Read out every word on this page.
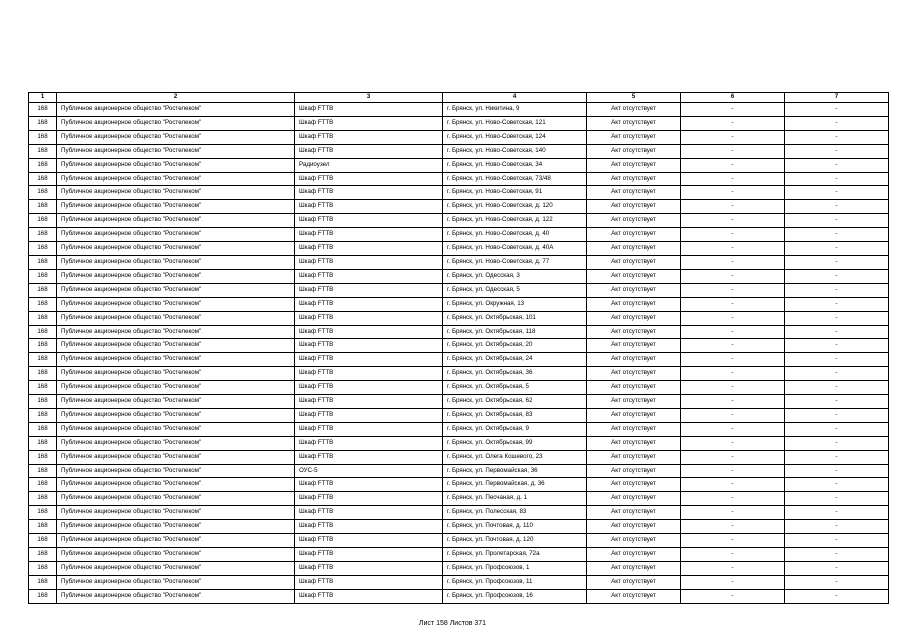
1	2	3	4	5	6	7
168	Публичное акционерное общество "Ростелеком"	Шкаф FTTB	г. Брянск, ул. Никитина, 9	Акт отсутствует	-	-
168	Публичное акционерное общество "Ростелеком"	Шкаф FTTB	г. Брянск, ул. Ново-Советская, 121	Акт отсутствует	-	-
168	Публичное акционерное общество "Ростелеком"	Шкаф FTTB	г. Брянск, ул. Ново-Советская, 124	Акт отсутствует	-	-
168	Публичное акционерное общество "Ростелеком"	Шкаф FTTB	г. Брянск, ул. Ново-Советская, 140	Акт отсутствует	-	-
168	Публичное акционерное общество "Ростелеком"	Радиоузел	г. Брянск, ул. Ново-Советская, 34	Акт отсутствует	-	-
168	Публичное акционерное общество "Ростелеком"	Шкаф FTTB	г. Брянск, ул. Ново-Советская, 73/48	Акт отсутствует	-	-
168	Публичное акционерное общество "Ростелеком"	Шкаф FTTB	г. Брянск, ул. Ново-Советская, 91	Акт отсутствует	-	-
168	Публичное акционерное общество "Ростелеком"	Шкаф FTTB	г. Брянск, ул. Ново-Советская, д. 120	Акт отсутствует	-	-
168	Публичное акционерное общество "Ростелеком"	Шкаф FTTB	г. Брянск, ул. Ново-Советская, д. 122	Акт отсутствует	-	-
168	Публичное акционерное общество "Ростелеком"	Шкаф FTTB	г. Брянск, ул. Ново-Советская, д. 40	Акт отсутствует	-	-
168	Публичное акционерное общество "Ростелеком"	Шкаф FTTB	г. Брянск, ул. Ново-Советская, д. 40А	Акт отсутствует	-	-
168	Публичное акционерное общество "Ростелеком"	Шкаф FTTB	г. Брянск, ул. Ново-Советская, д. 77	Акт отсутствует	-	-
168	Публичное акционерное общество "Ростелеком"	Шкаф FTTB	г. Брянск, ул. Одесская, 3	Акт отсутствует	-	-
168	Публичное акционерное общество "Ростелеком"	Шкаф FTTB	г. Брянск, ул. Одесская, 5	Акт отсутствует	-	-
168	Публичное акционерное общество "Ростелеком"	Шкаф FTTB	г. Брянск, ул. Окружная, 13	Акт отсутствует	-	-
168	Публичное акционерное общество "Ростелеком"	Шкаф FTTB	г. Брянск, ул. Октябрьская, 101	Акт отсутствует	-	-
168	Публичное акционерное общество "Ростелеком"	Шкаф FTTB	г. Брянск, ул. Октябрьская, 118	Акт отсутствует	-	-
168	Публичное акционерное общество "Ростелеком"	Шкаф FTTB	г. Брянск, ул. Октябрьская, 20	Акт отсутствует	-	-
168	Публичное акционерное общество "Ростелеком"	Шкаф FTTB	г. Брянск, ул. Октябрьская, 24	Акт отсутствует	-	-
168	Публичное акционерное общество "Ростелеком"	Шкаф FTTB	г. Брянск, ул. Октябрьская, 36	Акт отсутствует	-	-
168	Публичное акционерное общество "Ростелеком"	Шкаф FTTB	г. Брянск, ул. Октябрьская, 5	Акт отсутствует	-	-
168	Публичное акционерное общество "Ростелеком"	Шкаф FTTB	г. Брянск, ул. Октябрьская, 62	Акт отсутствует	-	-
168	Публичное акционерное общество "Ростелеком"	Шкаф FTTB	г. Брянск, ул. Октябрьская, 83	Акт отсутствует	-	-
168	Публичное акционерное общество "Ростелеком"	Шкаф FTTB	г. Брянск, ул. Октябрьская, 9	Акт отсутствует	-	-
168	Публичное акционерное общество "Ростелеком"	Шкаф FTTB	г. Брянск, ул. Октябрьская, 99	Акт отсутствует	-	-
168	Публичное акционерное общество "Ростелеком"	Шкаф FTTB	г. Брянск, ул. Олега Кошевого, 23	Акт отсутствует	-	-
168	Публичное акционерное общество "Ростелеком"	ОУС-5	г. Брянск, ул. Первомайская, 36	Акт отсутствует	-	-
168	Публичное акционерное общество "Ростелеком"	Шкаф FTTB	г. Брянск, ул. Первомайская, д. 36	Акт отсутствует	-	-
168	Публичное акционерное общество "Ростелеком"	Шкаф FTTB	г. Брянск, ул. Песчаная, д. 1	Акт отсутствует	-	-
168	Публичное акционерное общество "Ростелеком"	Шкаф FTTB	г. Брянск, ул. Полесская, 83	Акт отсутствует	-	-
168	Публичное акционерное общество "Ростелеком"	Шкаф FTTB	г. Брянск, ул. Почтовая, д. 110	Акт отсутствует	-	-
168	Публичное акционерное общество "Ростелеком"	Шкаф FTTB	г. Брянск, ул. Почтовая, д. 120	Акт отсутствует	-	-
168	Публичное акционерное общество "Ростелеком"	Шкаф FTTB	г. Брянск, ул. Пролетарская, 72а	Акт отсутствует	-	-
168	Публичное акционерное общество "Ростелеком"	Шкаф FTTB	г. Брянск, ул. Профсоюзов, 1	Акт отсутствует	-	-
168	Публичное акционерное общество "Ростелеком"	Шкаф FTTB	г. Брянск, ул. Профсоюзов, 11	Акт отсутствует	-	-
168	Публичное акционерное общество "Ростелеком"	Шкаф FTTB	г. Брянск, ул. Профсоюзов, 16	Акт отсутствует	-	-
Лист 158 Листов 371
